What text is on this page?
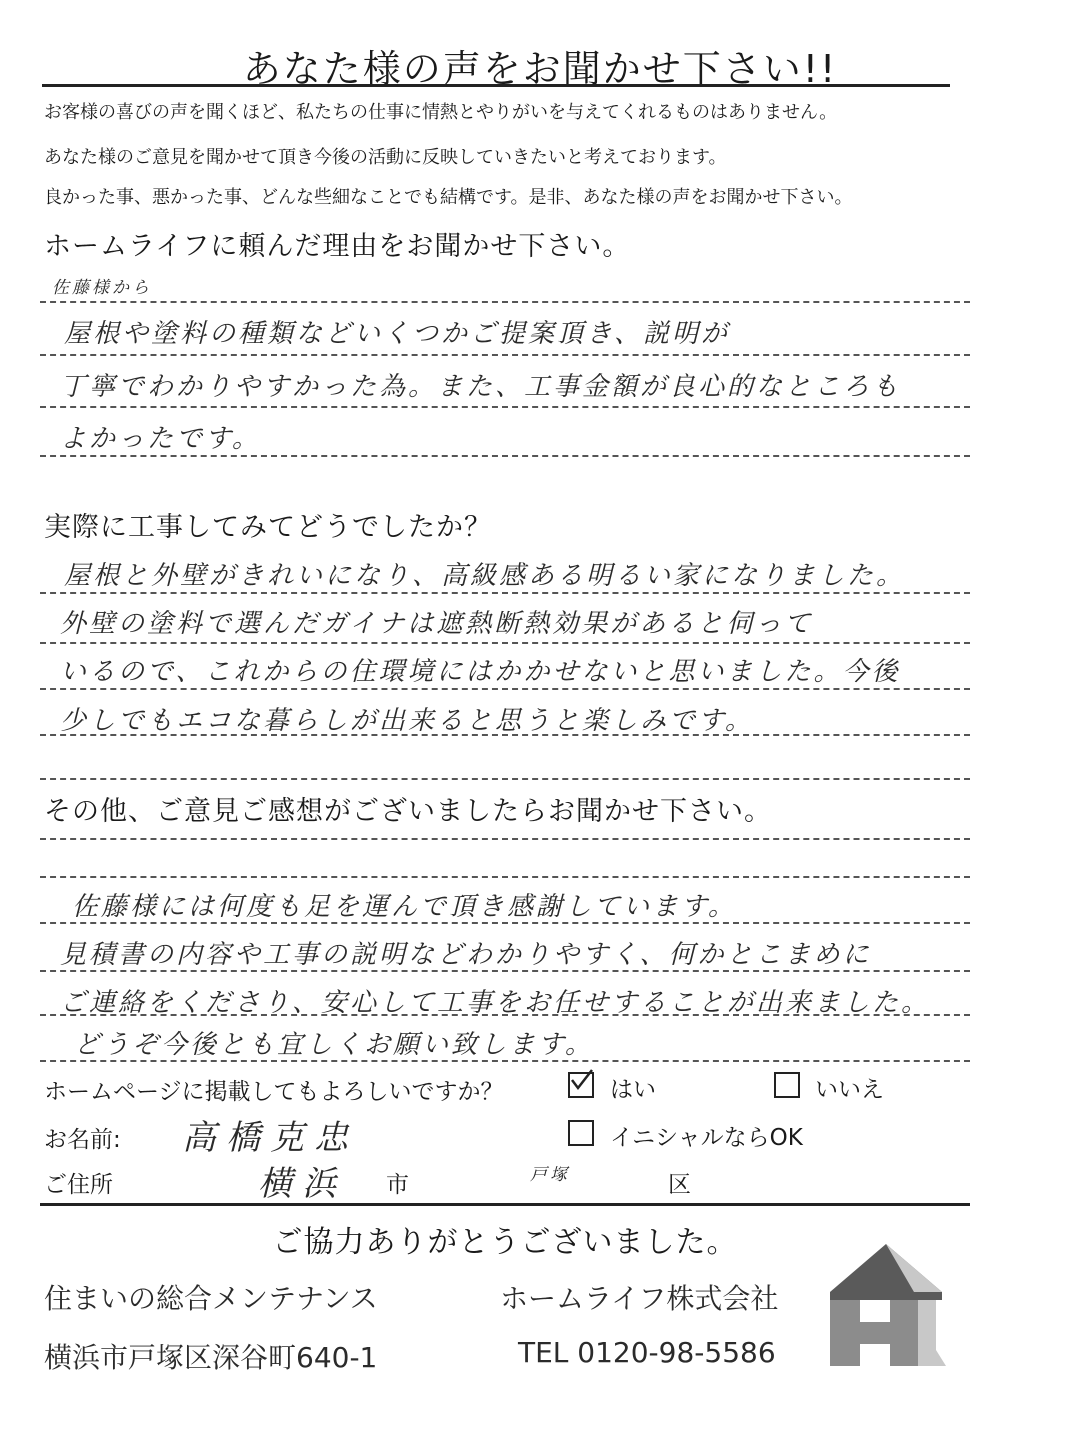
あなた様の声をお聞かせ下さい!!
お客様の喜びの声を聞くほど、私たちの仕事に情熱とやりがいを与えてくれるものはありません。
あなた様のご意見を聞かせて頂き今後の活動に反映していきたいと考えております。
良かった事、悪かった事、どんな些細なことでも結構です。是非、あなた様の声をお聞かせ下さい。
ホームライフに頼んだ理由をお聞かせ下さい。
佐藤様から
屋根や塗料の種類などいくつかご提案頂き、説明が
丁寧でわかりやすかった為。また、工事金額が良心的なところも
よかったです。
実際に工事してみてどうでしたか？
屋根と外壁がきれいになり、高級感ある明るい家になりました。
外壁の塗料で選んだガイナは遮熱断熱効果があると伺って
いるので、これからの住環境にはかかせないと思いました。今後
少しでもエコな暮らしが出来ると思うと楽しみです。
その他、ご意見ご感想がございましたらお聞かせ下さい。
佐藤様には何度も足を運んで頂き感謝しています。
見積書の内容や工事の説明などわかりやすく、何かとこまめに
ご連絡をくださり、安心して工事をお任せすることが出来ました。
どうぞ今後とも宜しくお願い致します。
ホームページに掲載してもよろしいですか？	はい	いいえ
お名前: 高橋克忠	イニシャルならOK
ご住所	横浜 市	戸塚	区
ご協力ありがとうございました。
住まいの総合メンテナンス	ホームライフ株式会社
横浜市戸塚区深谷町640-1	TEL 0120-98-5586
